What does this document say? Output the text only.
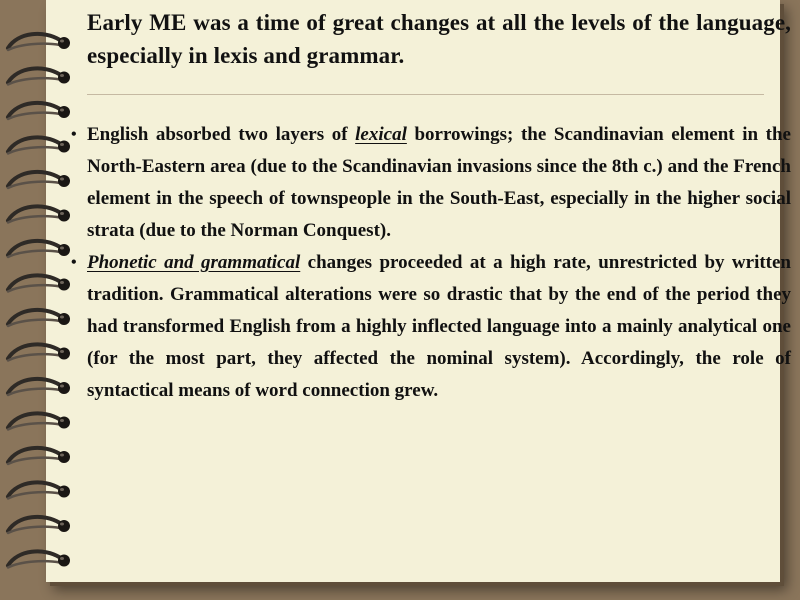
Early ME was a time of great changes at all the levels of the language, especially in lexis and grammar.

• English absorbed two layers of lexical borrowings; the Scandinavian element in the North-Eastern area (due to the Scandinavian invasions since the 8th c.) and the French element in the speech of townspeople in the South-East, especially in the higher social strata (due to the Norman Conquest).

• Phonetic and grammatical changes proceeded at a high rate, unrestricted by written tradition. Grammatical alterations were so drastic that by the end of the period they had transformed English from a highly inflected language into a mainly analytical one (for the most part, they affected the nominal system). Accordingly, the role of syntactical means of word connection grew.
